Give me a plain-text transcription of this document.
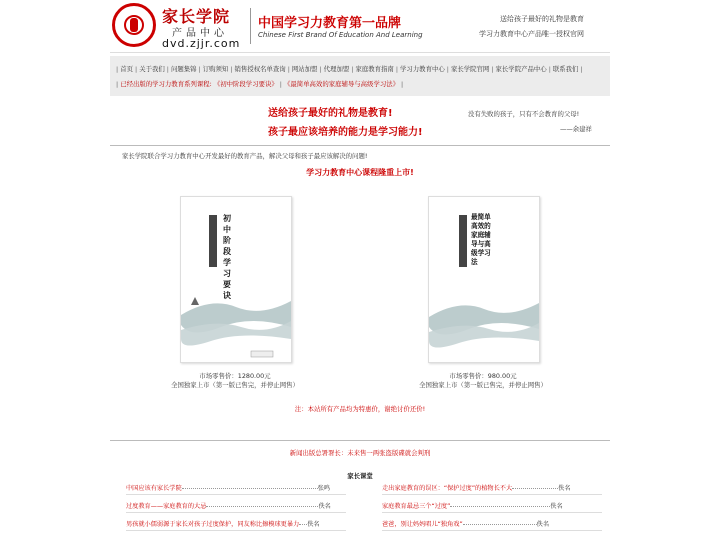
家长学院
产品中心
dvd.zjjr.com
中国学习力教育第一品牌
Chinese First Brand Of Education And Learning
送给孩子最好的礼物是教育
学习力教育中心产品唯一授权官网
| 首页 | 关于我们 | 问题集锦 | 订购须知 | 销售授权名单查询 | 网站加盟 | 代理加盟 | 家庭教育指南 | 学习力教育中心 | 家长学院官网 | 家长学院产品中心 | 联系我们 |
| 已经出版的学习力教育系列课程: 《初中阶段学习要诀》 | 《最简单高效的家庭辅导与高级学习法》 |
送给孩子最好的礼物是教育!
孩子最应该培养的能力是学习能力!
没有失败的孩子，只有不会教育的父母!
——余建祥
家长学院联合学习力教育中心开发最好的教育产品，解决父母和孩子最应该解决的问题!
学习力教育中心课程隆重上市!
初中阶段学习要诀
市场零售价：1280.00元
全国独家上市（第一版已售完，并停止网售）
最简单高效的家庭辅导与高级学习法
市场零售价：980.00元
全国独家上市（第一版已售完，并停止网售）
注：本站所有产品均为特惠价，谢绝讨价还价!
新闻出版总署署长：未来售一两张盗版碟就会判刑
家长课堂
中国应该有家长学院	张鸣
过度教育——家庭教育的大忌	佚名
男孩就小儒弱源于家长对孩子过度保护，同友称比擦模球更暴力 佚名
走出家庭教育的误区：“保护过度”的植物长不大	佚名
家庭教育最忌三个“过度”	佚名
爸爸，别让妈妈唱儿“独角戏”	佚名
